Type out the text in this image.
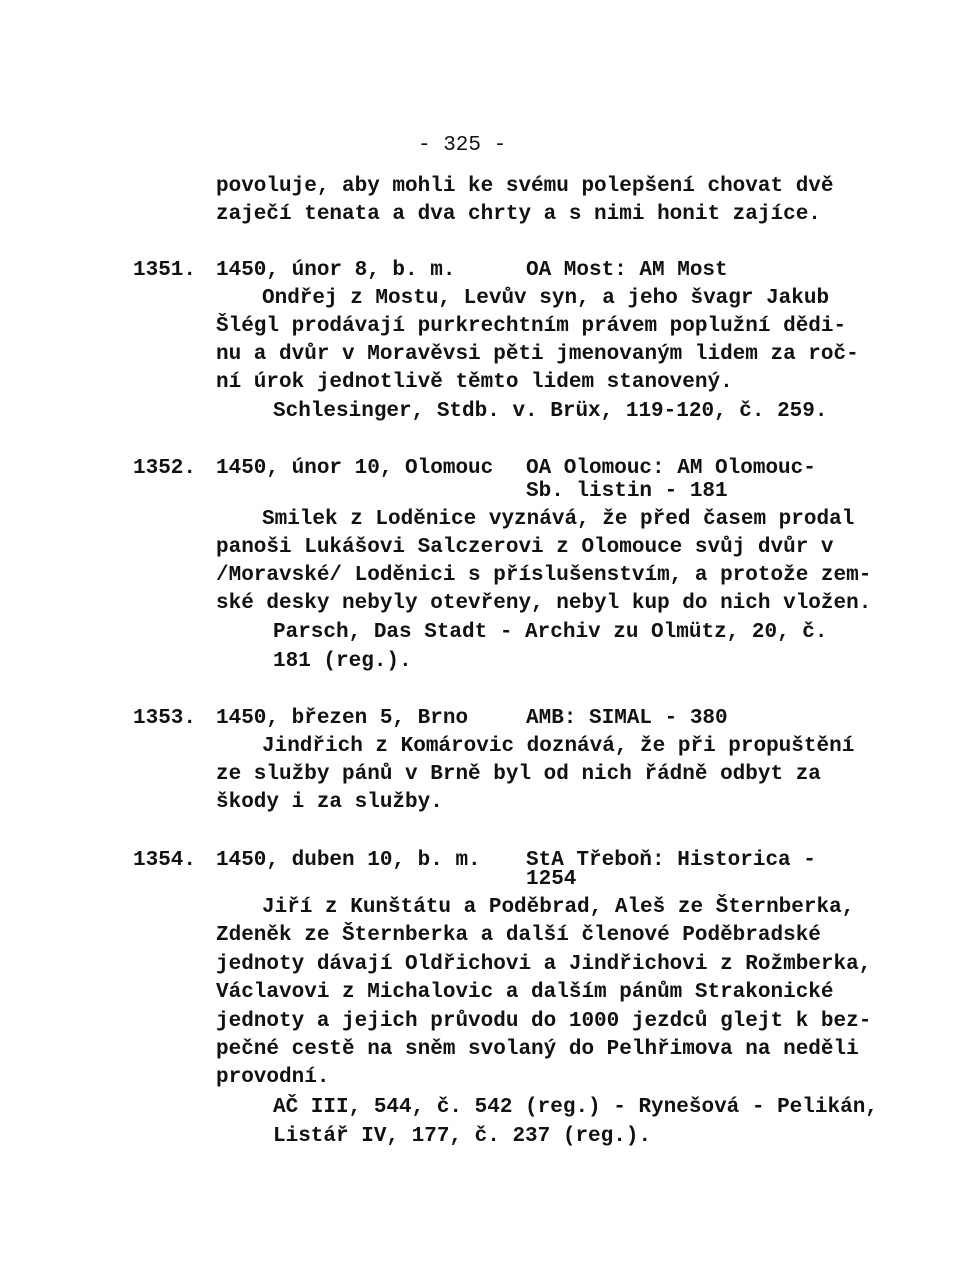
- 325 -
povoluje, aby mohli ke svému polepšení chovat dvě
zaječí tenata a dva chrty a s nimi honit zajíce.
1351. 1450, únor 8, b. m.	OA Most: AM Most
Ondřej z Mostu, Levův syn, a jeho švagr Jakub
Šlégl prodávají purkrechtním právem poplužní dědi-
nu a dvůr v Moravěvsi pěti jmenovaným lidem za roč-
ní úrok jednotlivě těmto lidem stanovený.
Schlesinger, Stdb. v. Brüx, 119-120, č. 259.
1352. 1450, únor 10, Olomouc OA Olomouc: AM Olomouc-
Sb. listin - 181
Smilek z Loděnice vyznává, že před časem prodal
panoši Lukášovi Salczerovi z Olomouce svůj dvůr v
/Moravské/ Loděnici s příslušenstvím, a protože zem-
ské desky nebyly otevřeny, nebyl kup do nich vložen.
Parsch, Das Stadt - Archiv zu Olmütz, 20, č.
181 (reg.).
1353. 1450, březen 5, Brno	AMB: SIMAL - 380
Jindřich z Komárovic doznává, že při propuštění
ze služby pánů v Brně byl od nich řádně odbyt za
škody i za služby.
1354. 1450, duben 10, b. m. StA Třeboň: Historica -
1254
Jiří z Kunštátu a Poděbrad, Aleš ze Šternberka,
Zdeněk ze Šternberka a další členové Poděbradské
jednoty dávají Oldřichovi a Jindřichovi z Rožmberka,
Václavovi z Michalovic a dalším pánům Strakonické
jednoty a jejich průvodu do 1000 jezdců glejt k bez-
pečné cestě na sněm svolaný do Pelhřimova na neděli
provodní.
AČ III, 544, č. 542 (reg.) - Rynešová - Pelikán,
Listář IV, 177, č. 237 (reg.).
